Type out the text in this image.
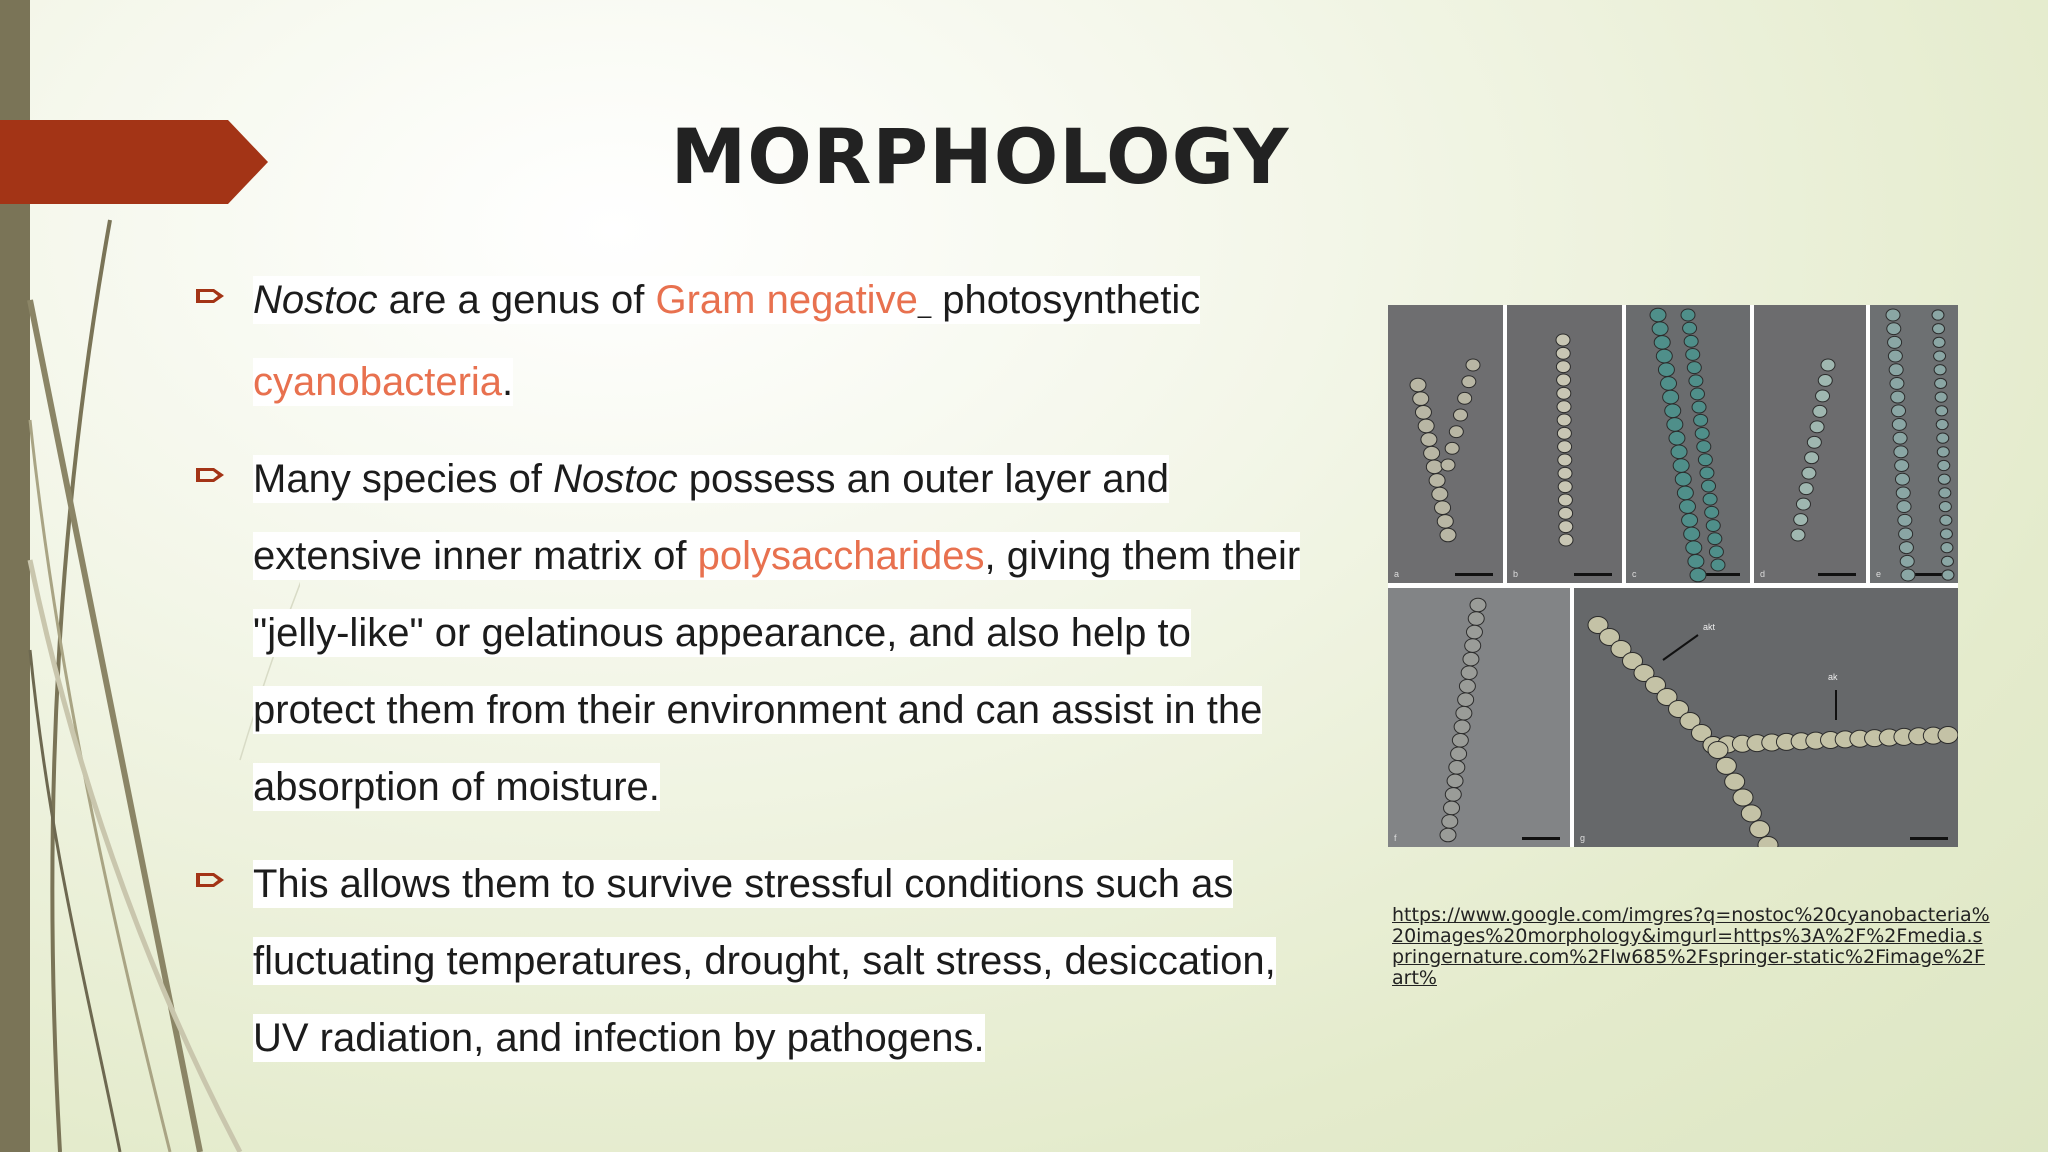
MORPHOLOGY
Nostoc are a genus of Gram negative_ photosynthetic
cyanobacteria.
Many species of Nostoc possess an outer layer and
extensive inner matrix of polysaccharides, giving them their
"jelly-like" or gelatinous appearance, and also help to
protect them from their environment and can assist in the
absorption of moisture.
This allows them to survive stressful conditions such as
fluctuating temperatures, drought, salt stress, desiccation,
UV radiation, and infection by pathogens.
a	b	c	d	e
f	g
akt
ak
https://www.google.com/imgres?q=nostoc%20cyanobacteria%20images%20morphology&imgurl=https%3A%2F%2Fmedia.springernature.com%2Flw685%2Fspringer-static%2Fimage%2Fart%
